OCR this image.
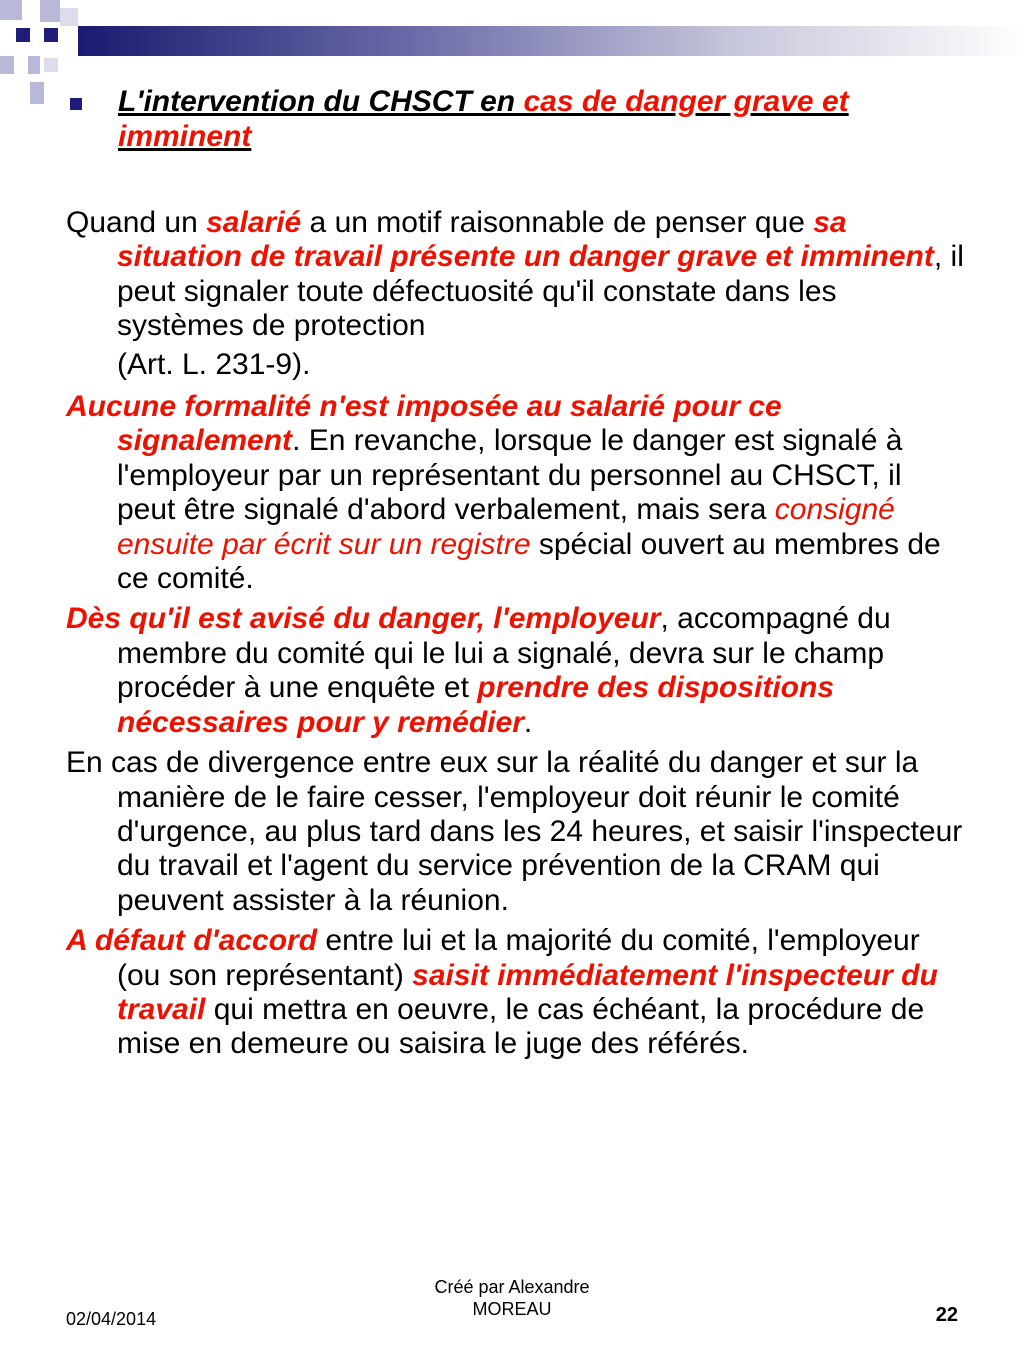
L'intervention du CHSCT en cas de danger grave et imminent

Quand un salarié a un motif raisonnable de penser que sa situation de travail présente un danger grave et imminent, il peut signaler toute défectuosité qu'il constate dans les systèmes de protection

(Art. L. 231-9).

Aucune formalité n'est imposée au salarié pour ce signalement. En revanche, lorsque le danger est signalé à l'employeur par un représentant du personnel au CHSCT, il peut être signalé d'abord verbalement, mais sera consigné ensuite par écrit sur un registre spécial ouvert au membres de ce comité.

Dès qu'il est avisé du danger, l'employeur, accompagné du membre du comité qui le lui a signalé, devra sur le champ procéder à une enquête et prendre des dispositions nécessaires pour y remédier.

En cas de divergence entre eux sur la réalité du danger et sur la manière de le faire cesser, l'employeur doit réunir le comité d'urgence, au plus tard dans les 24 heures, et saisir l'inspecteur du travail et l'agent du service prévention de la CRAM qui peuvent assister à la réunion.

A défaut d'accord entre lui et la majorité du comité, l'employeur (ou son représentant) saisit immédiatement l'inspecteur du travail qui mettra en oeuvre, le cas échéant, la procédure de mise en demeure ou saisira le juge des référés.

02/04/2014
Créé par Alexandre
MOREAU	22
